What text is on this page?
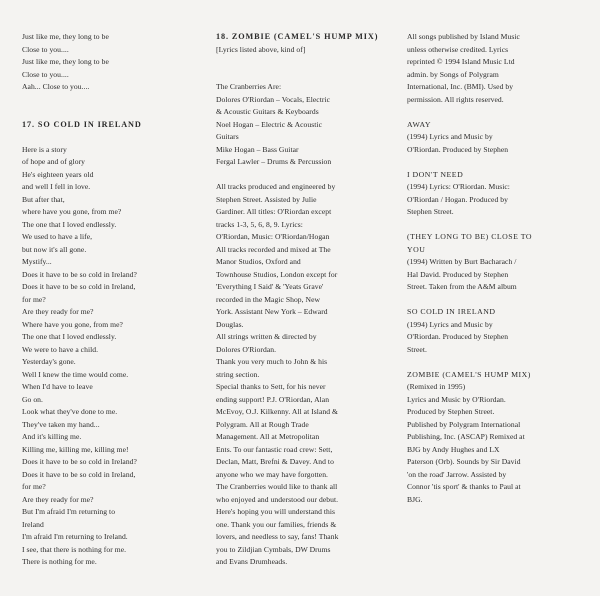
Just like me, they long to be
Close to you....
Just like me, they long to be
Close to you....
Aah... Close to you....
17. SO COLD IN IRELAND
Here is a story
of hope and of glory
He's eighteen years old
and well I fell in love.
But after that,
where have you gone, from me?
The one that I loved endlessly.
We used to have a life,
but now it's all gone.
Mystify...
Does it have to be so cold in Ireland?
Does it have to be so cold in Ireland,
for me?
Are they ready for me?
Where have you gone, from me?
The one that I loved endlessly.
We were to have a child.
Yesterday's gone.
Well I knew the time would come.
When I'd have to leave
Go on.
Look what they've done to me.
They've taken my hand...
And it's killing me.
Killing me, killing me, killing me!
Does it have to be so cold in Ireland?
Does it have to be so cold in Ireland,
for me?
Are they ready for me?
But I'm afraid I'm returning to
Ireland
I'm afraid I'm returning to Ireland.
I see, that there is nothing for me.
There is nothing for me.
18. ZOMBIE (CAMEL'S HUMP MIX)
[Lyrics listed above, kind of]
The Cranberries Are:
Dolores O'Riordan – Vocals, Electric
& Acoustic Guitars & Keyboards
Noel Hogan – Electric & Acoustic
Guitars
Mike Hogan – Bass Guitar
Fergal Lawler – Drums & Percussion
All tracks produced and engineered by
Stephen Street. Assisted by Julie
Gardiner. All titles: O'Riordan except
tracks 1-3, 5, 6, 8, 9. Lyrics:
O'Riordan, Music: O'Riordan/Hogan
All tracks recorded and mixed at The
Manor Studios, Oxford and
Townhouse Studios, London except for
'Everything I Said' & 'Yeats Grave'
recorded in the Magic Shop, New
York. Assistant New York – Edward
Douglas.
All strings written & directed by
Dolores O'Riordan.
Thank you very much to John & his
string section.
Special thanks to Sett, for his never
ending support! P.J. O'Riordan, Alan
McEvoy, O.J. Kilkenny. All at Island &
Polygram. All at Rough Trade
Management. All at Metropolitan
Ents. To our fantastic road crew: Sett,
Declan, Matt, Brefni & Davey. And to
anyone who we may have forgotten.
The Cranberries would like to thank all
who enjoyed and understood our debut.
Here's hoping you will understand this
one. Thank you our families, friends &
lovers, and needless to say, fans! Thank
you to Zildjian Cymbals, DW Drums
and Evans Drumheads.
All songs published by Island Music
unless otherwise credited. Lyrics
reprinted © 1994 Island Music Ltd
admin. by Songs of Polygram
International, Inc. (BMI). Used by
permission. All rights reserved.
AWAY
(1994) Lyrics and Music by
O'Riordan. Produced by Stephen
I DON'T NEED
(1994) Lyrics: O'Riordan. Music:
O'Riordan / Hogan. Produced by
Stephen Street.
(THEY LONG TO BE) CLOSE TO
YOU
(1994) Written by Burt Bacharach /
Hal David. Produced by Stephen
Street. Taken from the A&M album
SO COLD IN IRELAND
(1994) Lyrics and Music by
O'Riordan. Produced by Stephen
Street.
ZOMBIE (CAMEL'S HUMP MIX)
(Remixed in 1995)
Lyrics and Music by O'Riordan.
Produced by Stephen Street.
Published by Polygram International
Publishing, Inc. (ASCAP) Remixed at
BJG by Andy Hughes and LX
Paterson (Orb). Sounds by Sir David
'on the road' Jarrow. Assisted by
Connor 'tis sport' & thanks to Paul at
BJG.
